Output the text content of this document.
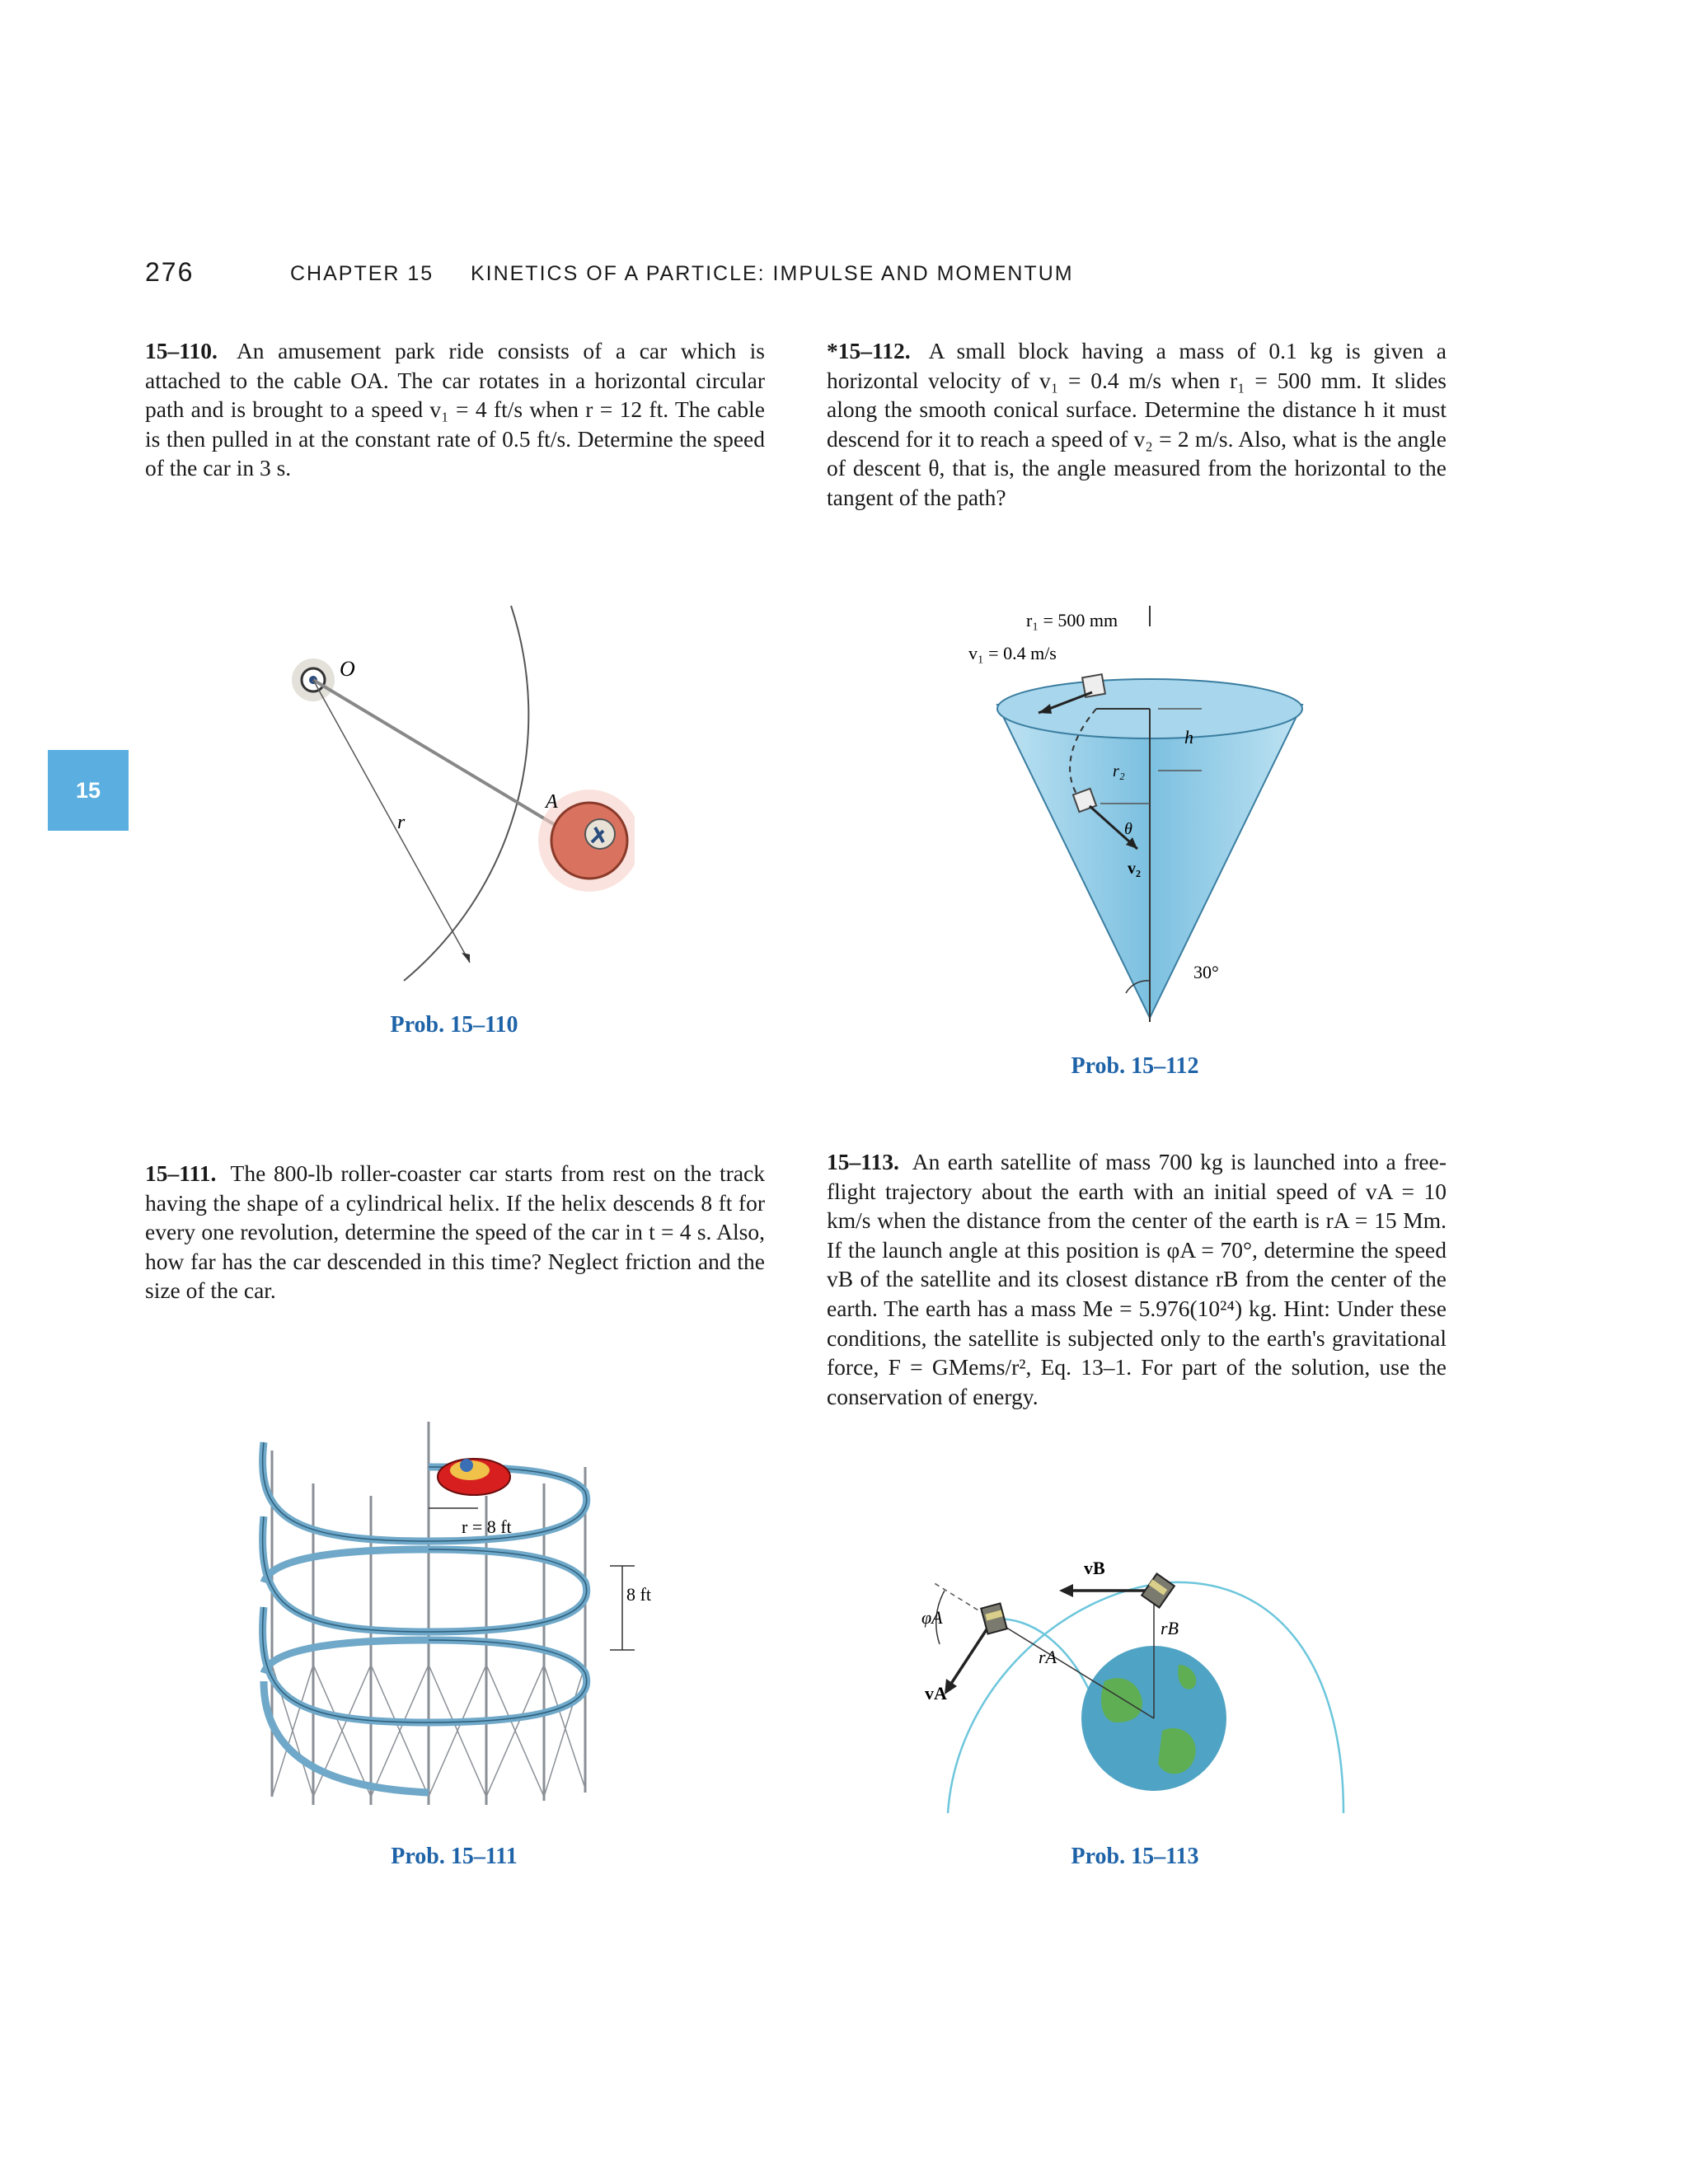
276	CHAPTER 15 KINETICS OF A PARTICLE: IMPULSE AND MOMENTUM
15
15–110. An amusement park ride consists of a car which is attached to the cable OA. The car rotates in a horizontal circular path and is brought to a speed v₁ = 4 ft/s when r = 12 ft. The cable is then pulled in at the constant rate of 0.5 ft/s. Determine the speed of the car in 3 s.
*15–112. A small block having a mass of 0.1 kg is given a horizontal velocity of v₁ = 0.4 m/s when r₁ = 500 mm. It slides along the smooth conical surface. Determine the distance h it must descend for it to reach a speed of v₂ = 2 m/s. Also, what is the angle of descent θ, that is, the angle measured from the horizontal to the tangent of the path?
O
A
r
Prob. 15–110
r₁ = 500 mm
v₁ = 0.4 m/s
h
r₂
θ
v₂
30°
Prob. 15–112
15–111. The 800-lb roller-coaster car starts from rest on the track having the shape of a cylindrical helix. If the helix descends 8 ft for every one revolution, determine the speed of the car in t = 4 s. Also, how far has the car descended in this time? Neglect friction and the size of the car.
15–113. An earth satellite of mass 700 kg is launched into a free-flight trajectory about the earth with an initial speed of vA = 10 km/s when the distance from the center of the earth is rA = 15 Mm. If the launch angle at this position is φA = 70°, determine the speed vB of the satellite and its closest distance rB from the center of the earth. The earth has a mass Me = 5.976(10²⁴) kg. Hint: Under these conditions, the satellite is subjected only to the earth's gravitational force, F = GMems/r², Eq. 13–1. For part of the solution, use the conservation of energy.
r = 8 ft
8 ft
Prob. 15–111
vB
rB
rA
φA
vA
Prob. 15–113
